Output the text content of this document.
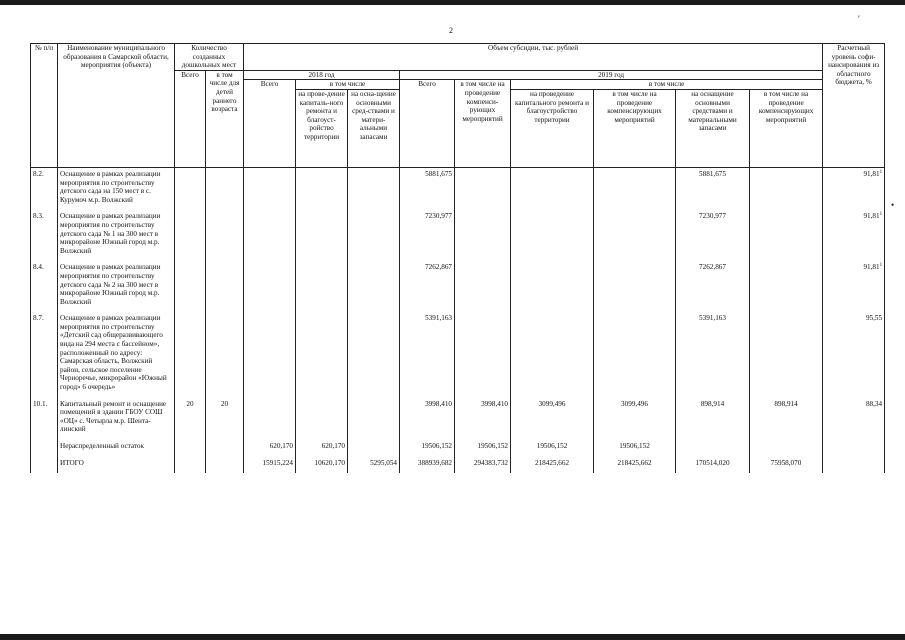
2
′
•
№ п/п	Наименование муниципального образования в Самарской области, мероприятия (объекта)	Количество созданных дошкольных мест		Объем субсидии, тыс. рублей									Расчетный уровень софи-нансирования из областного бюджета, %
		Всего	в том числе для детей раннего возраста	2018 год			2019 год						
				Всего	в том числе		Всего	в том числе на проведение компенси-рующих мероприятий	в том числе				
					на прове-дение капиталь-ного ремонта и благоуст-ройство территории	на осна-щение основными сред-ствами и матери-альными запасами			на проведение капитального ремонта и благоустройство территории	в том числе на проведение компенсирующих мероприятий	на оснащение основными средствами и материальными запасами	в том числе на проведение компенсирующих мероприятий	
8.2.	Оснащение в рамках реализации мероприятия по строительству детского сада на 150 мест в с. Курумоч м.р. Волжский						5881,675				5881,675		91,81$^1$
8.3.	Оснащение в рамках реализации мероприятия по строительству детского сада № 1 на 300 мест в микрорайоне Южный город м.р. Волжский						7230,977				7230,977		91,81$^1$
8.4.	Оснащение в рамках реализации мероприятия по строительству детского сада № 2 на 300 мест в микрорайоне Южный город м.р. Волжский						7262,867				7262,867		91,81$^1$
8.7.	Оснащение в рамках реализации мероприятия по строительству «Детский сад общеразвивающего вида на 294 места с бассейном», расположенный по адресу: Самарская область, Волжский район, сельское поселение Черноречье, микрорайон «Южный город» 6 очередь»						5391,163				5391,163		95,55
10.1.	Капитальный ремонт и оснащение помещений в здании ГБОУ СОШ «ОЦ» с. Четырла м.р. Шента-линский	20	20				3998,410	3998,410	3099,496	3099,496	898,914	898,914	88,34
	Нераспределенный остаток			620,170	620,170		19506,152	19506,152	19506,152	19506,152			
	ИТОГО			15915,224	10620,170	5295,054	388939,682	294383,732	218425,662	218425,662	170514,020	75958,070	
